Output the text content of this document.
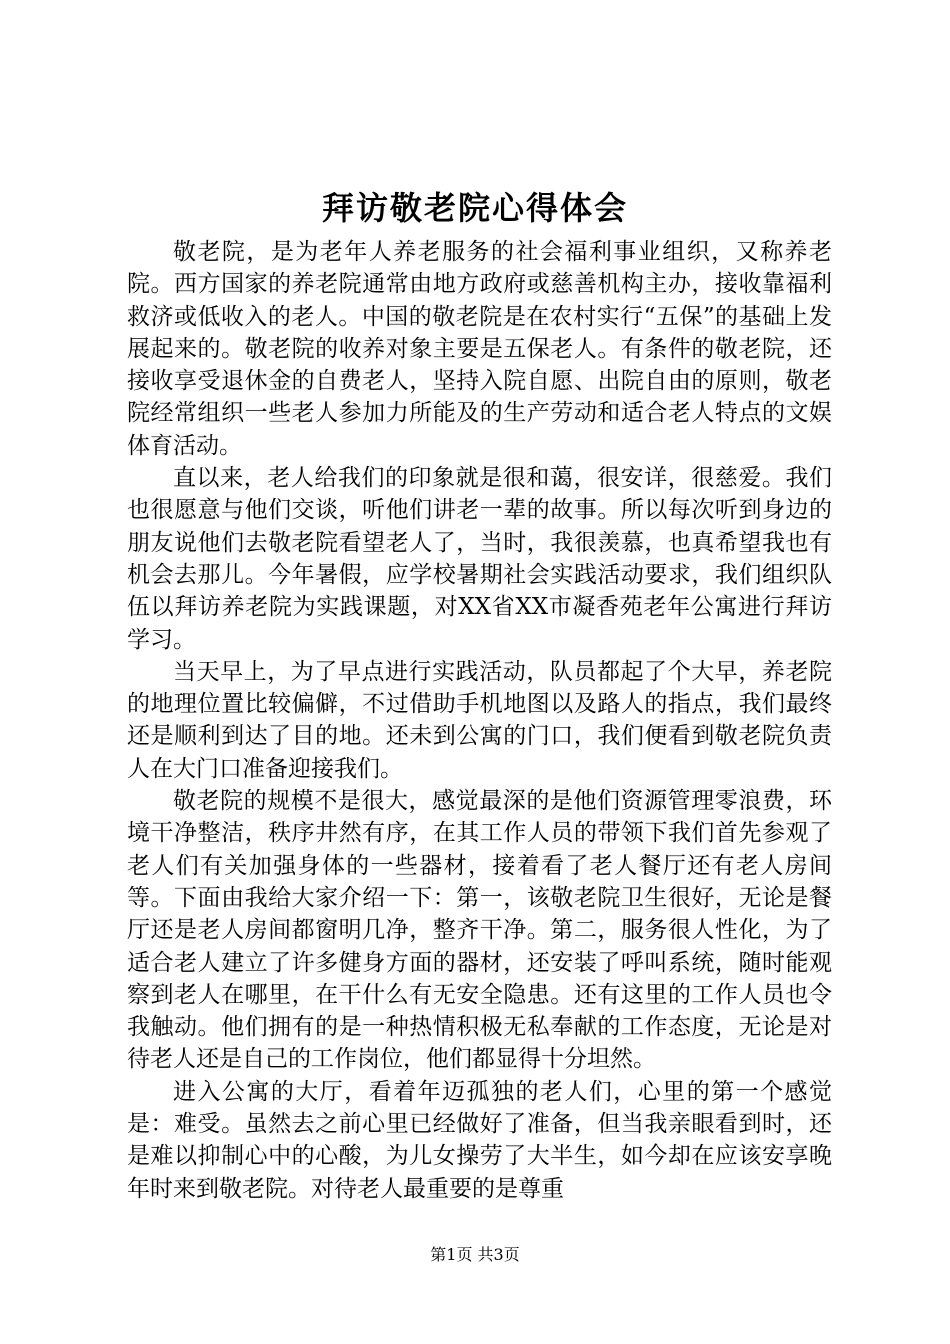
拜访敬老院心得体会

敬老院，是为老年人养老服务的社会福利事业组织，又称养老院。西方国家的养老院通常由地方政府或慈善机构主办，接收靠福利救济或低收入的老人。中国的敬老院是在农村实行“五保”的基础上发展起来的。敬老院的收养对象主要是五保老人。有条件的敬老院，还接收享受退休金的自费老人，坚持入院自愿、出院自由的原则，敬老院经常组织一些老人参加力所能及的生产劳动和适合老人特点的文娱体育活动。

直以来，老人给我们的印象就是很和蔼，很安详，很慈爱。我们也很愿意与他们交谈，听他们讲老一辈的故事。所以每次听到身边的朋友说他们去敬老院看望老人了，当时，我很羡慕，也真希望我也有机会去那儿。今年暑假，应学校暑期社会实践活动要求，我们组织队伍以拜访养老院为实践课题，对XX省XX市凝香苑老年公寓进行拜访学习。

当天早上，为了早点进行实践活动，队员都起了个大早，养老院的地理位置比较偏僻，不过借助手机地图以及路人的指点，我们最终还是顺利到达了目的地。还未到公寓的门口，我们便看到敬老院负责人在大门口准备迎接我们。

敬老院的规模不是很大，感觉最深的是他们资源管理零浪费，环境干净整洁，秩序井然有序，在其工作人员的带领下我们首先参观了老人们有关加强身体的一些器材，接着看了老人餐厅还有老人房间等。下面由我给大家介绍一下：第一，该敬老院卫生很好，无论是餐厅还是老人房间都窗明几净，整齐干净。第二，服务很人性化，为了适合老人建立了许多健身方面的器材，还安装了呼叫系统，随时能观察到老人在哪里，在干什么有无安全隐患。还有这里的工作人员也令我触动。他们拥有的是一种热情积极无私奉献的工作态度，无论是对待老人还是自己的工作岗位，他们都显得十分坦然。

进入公寓的大厅，看着年迈孤独的老人们，心里的第一个感觉是：难受。虽然去之前心里已经做好了准备，但当我亲眼看到时，还是难以抑制心中的心酸，为儿女操劳了大半生，如今却在应该安享晚年时来到敬老院。对待老人最重要的是尊重

第1页 共3页
